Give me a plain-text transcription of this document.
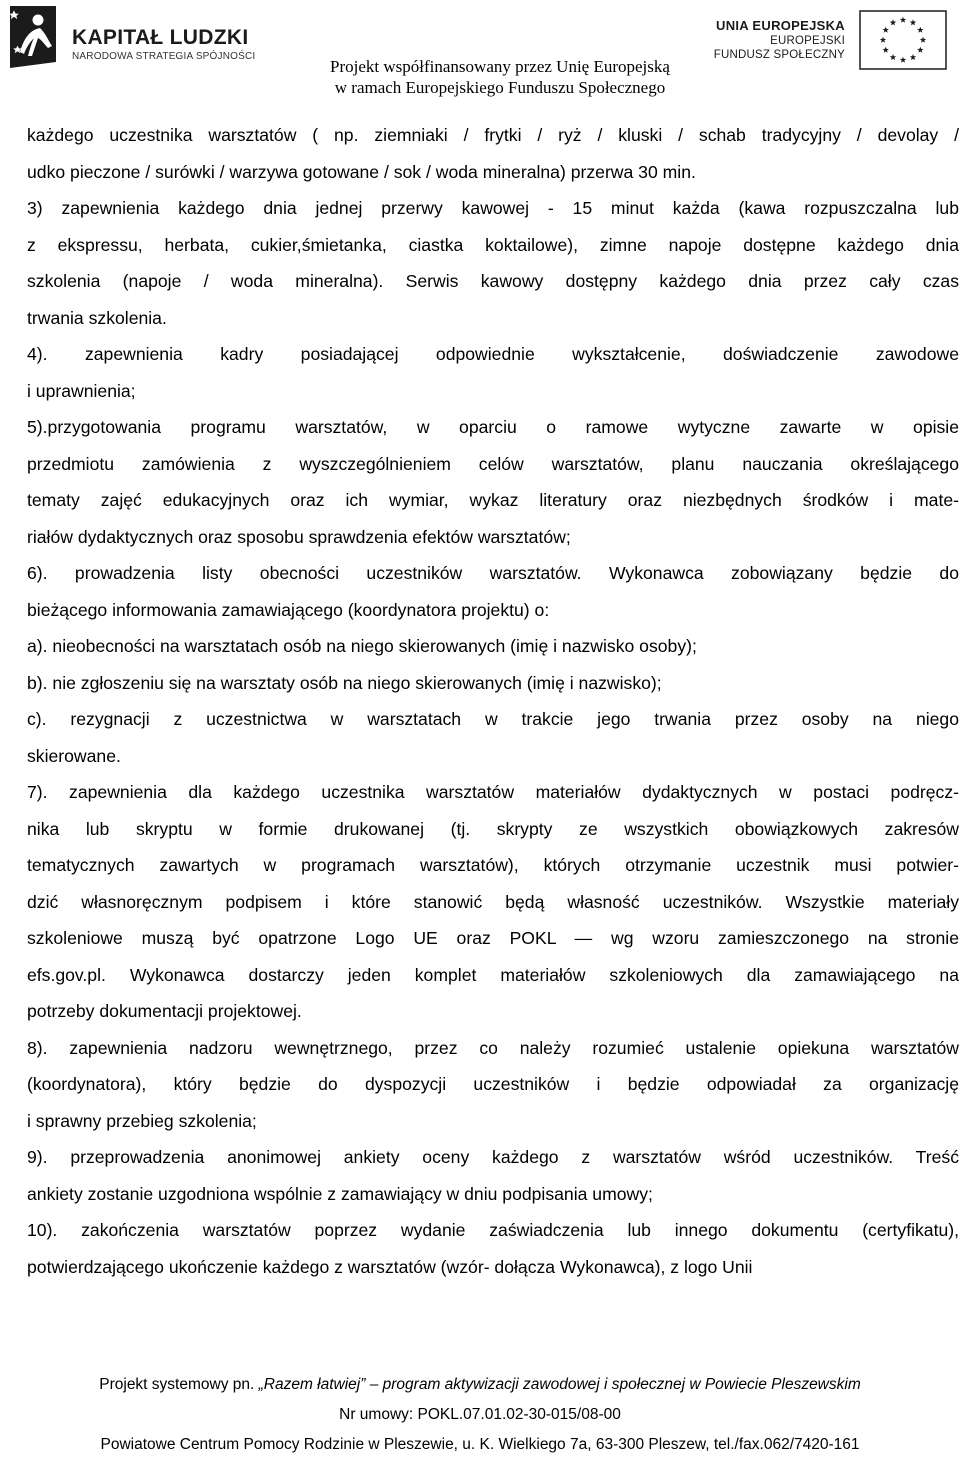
KAPITAŁ LUDZKI
NARODOWA STRATEGIA SPÓJNOŚCI
UNIA EUROPEJSKA
EUROPEJSKI
FUNDUSZ SPOŁECZNY
Projekt współfinansowany przez Unię Europejską
w ramach Europejskiego Funduszu Społecznego

każdego uczestnika warsztatów ( np. ziemniaki / frytki / ryż / kluski / schab tradycyjny / devolay /

udko pieczone / surówki / warzywa gotowane / sok / woda mineralna) przerwa 30 min.

3) zapewnienia każdego dnia jednej przerwy kawowej - 15 minut każda (kawa rozpuszczalna lub

z ekspressu, herbata, cukier,śmietanka, ciastka koktailowe), zimne napoje dostępne każdego dnia

szkolenia (napoje / woda mineralna). Serwis kawowy dostępny każdego dnia przez cały czas

trwania szkolenia.

4). zapewnienia kadry posiadającej odpowiednie wykształcenie, doświadczenie zawodowe

i uprawnienia;

5).przygotowania programu warsztatów, w oparciu o ramowe wytyczne zawarte w opisie

przedmiotu zamówienia z wyszczególnieniem celów warsztatów, planu nauczania określającego

tematy zajęć edukacyjnych oraz ich wymiar, wykaz literatury oraz niezbędnych środków i mate-

riałów dydaktycznych oraz sposobu sprawdzenia efektów warsztatów;

6). prowadzenia listy obecności uczestników warsztatów. Wykonawca zobowiązany będzie do

bieżącego informowania zamawiającego (koordynatora projektu) o:

a). nieobecności na warsztatach osób na niego skierowanych (imię i nazwisko osoby);

b). nie zgłoszeniu się na warsztaty osób na niego skierowanych (imię i nazwisko);

c). rezygnacji z uczestnictwa w warsztatach w trakcie jego trwania przez osoby na niego

skierowane.

7). zapewnienia dla każdego uczestnika warsztatów materiałów dydaktycznych w postaci podręcz-

nika lub skryptu w formie drukowanej (tj. skrypty ze wszystkich obowiązkowych zakresów

tematycznych zawartych w programach warsztatów), których otrzymanie uczestnik musi potwier-

dzić własnoręcznym podpisem i które stanowić będą własność uczestników. Wszystkie materiały

szkoleniowe muszą być opatrzone Logo UE oraz POKL — wg wzoru zamieszczonego na stronie

efs.gov.pl. Wykonawca dostarczy jeden komplet materiałów szkoleniowych dla zamawiającego na

potrzeby dokumentacji projektowej.

8). zapewnienia nadzoru wewnętrznego, przez co należy rozumieć ustalenie opiekuna warsztatów

(koordynatora), który będzie do dyspozycji uczestników i będzie odpowiadał za organizację

i sprawny przebieg szkolenia;

9). przeprowadzenia anonimowej ankiety oceny każdego z warsztatów wśród uczestników. Treść

ankiety zostanie uzgodniona wspólnie z zamawiający w dniu podpisania umowy;

10). zakończenia warsztatów poprzez wydanie zaświadczenia lub innego dokumentu (certyfikatu),

potwierdzającego ukończenie każdego z warsztatów (wzór- dołącza Wykonawca), z logo Unii

Projekt systemowy pn. „Razem łatwiej” – program aktywizacji zawodowej i społecznej w Powiecie Pleszewskim
Nr umowy: POKL.07.01.02-30-015/08-00
Powiatowe Centrum Pomocy Rodzinie w Pleszewie, u. K. Wielkiego 7a, 63-300 Pleszew, tel./fax.062/7420-161
